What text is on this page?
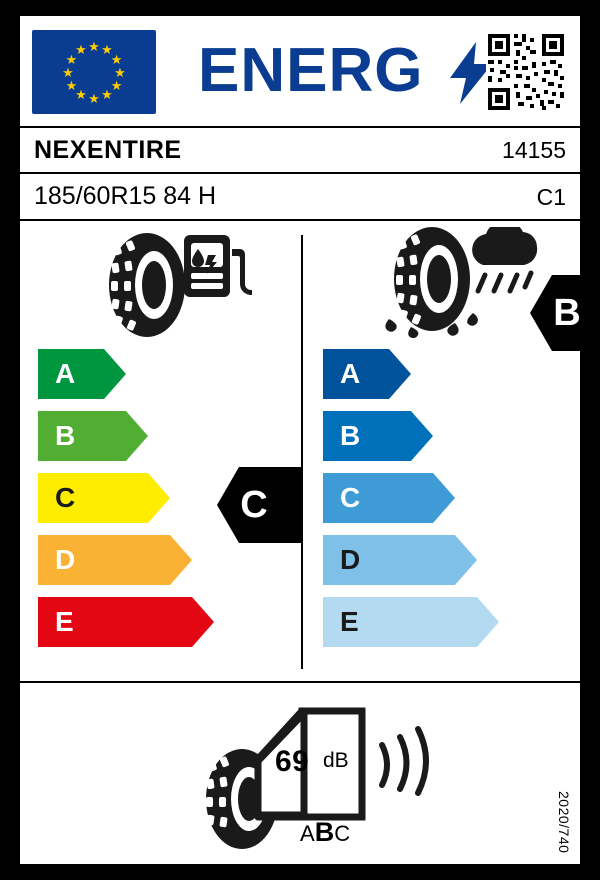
★ ★
★
★
★
★
★
★
★
★
★
★ ENERG
NEXENTIRE	14155
185/60R15 84 H	C1
A
B
C
D
E
C
A
B
C
D
E
B
69 dB
ABC	2020/740
